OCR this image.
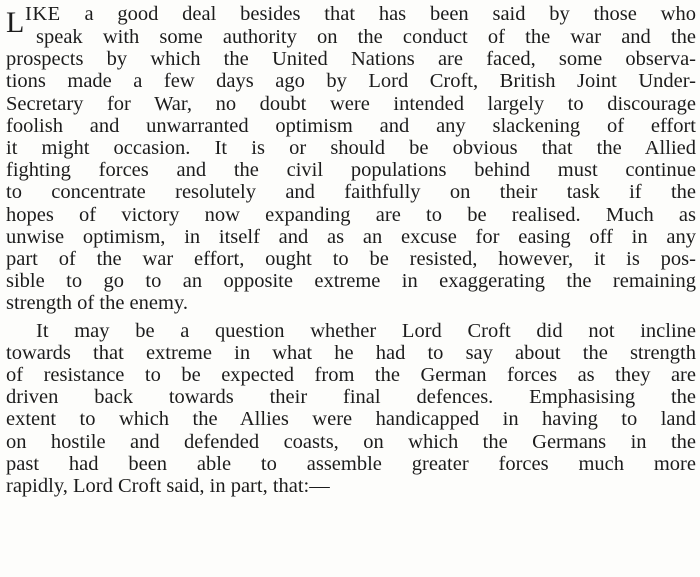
L IKE a good deal besides that has been said by those who
speak with some authority on the conduct of the war and the
prospects by which the United Nations are faced, some observa-
tions made a few days ago by Lord Croft, British Joint Under-
Secretary for War, no doubt were intended largely to discourage
foolish and unwarranted optimism and any slackening of effort
it might occasion. It is or should be obvious that the Allied
fighting forces and the civil populations behind must continue
to concentrate resolutely and faithfully on their task if the
hopes of victory now expanding are to be realised. Much as
unwise optimism, in itself and as an excuse for easing off in any
part of the war effort, ought to be resisted, however, it is pos-
sible to go to an opposite extreme in exaggerating the remaining
strength of the enemy.
It may be a question whether Lord Croft did not incline
towards that extreme in what he had to say about the strength
of resistance to be expected from the German forces as they are
driven back towards their final defences. Emphasising the
extent to which the Allies were handicapped in having to land
on hostile and defended coasts, on which the Germans in the
past had been able to assemble greater forces much more
rapidly, Lord Croft said, in part, that:—
